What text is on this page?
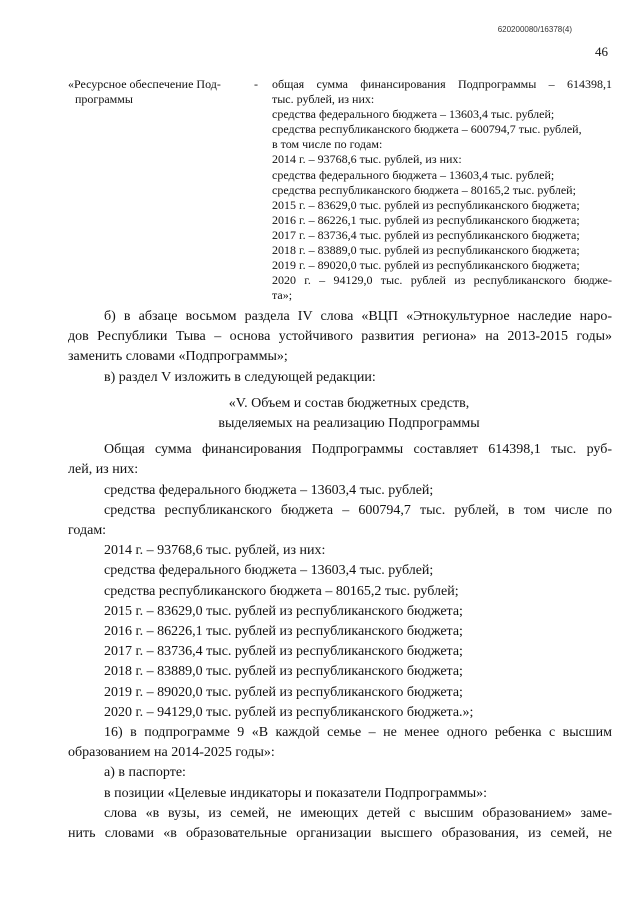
620200080/16378(4)
46
«Ресурсное обеспечение Под-
программы
- общая сумма финансирования Подпрограммы – 614398,1
тыс. рублей, из них:
средства федерального бюджета – 13603,4 тыс. рублей;
средства республиканского бюджета – 600794,7 тыс. рублей,
в том числе по годам:
2014 г. – 93768,6 тыс. рублей, из них:
средства федерального бюджета – 13603,4 тыс. рублей;
средства республиканского бюджета – 80165,2 тыс. рублей;
2015 г. – 83629,0 тыс. рублей из республиканского бюджета;
2016 г. – 86226,1 тыс. рублей из республиканского бюджета;
2017 г. – 83736,4 тыс. рублей из республиканского бюджета;
2018 г. – 83889,0 тыс. рублей из республиканского бюджета;
2019 г. – 89020,0 тыс. рублей из республиканского бюджета;
2020 г. – 94129,0 тыс. рублей из республиканского бюдже-
та»;

б) в абзаце восьмом раздела IV слова «ВЦП «Этнокультурное наследие наро-

дов Республики Тыва – основа устойчивого развития региона» на 2013-2015 годы»

заменить словами «Подпрограммы»;

в) раздел V изложить в следующей редакции:

«V. Объем и состав бюджетных средств,

выделяемых на реализацию Подпрограммы

Общая сумма финансирования Подпрограммы составляет 614398,1 тыс. руб-

лей, из них:

средства федерального бюджета – 13603,4 тыс. рублей;

средства республиканского бюджета – 600794,7 тыс. рублей, в том числе по

годам:

2014 г. – 93768,6 тыс. рублей, из них:

средства федерального бюджета – 13603,4 тыс. рублей;

средства республиканского бюджета – 80165,2 тыс. рублей;

2015 г. – 83629,0 тыс. рублей из республиканского бюджета;

2016 г. – 86226,1 тыс. рублей из республиканского бюджета;

2017 г. – 83736,4 тыс. рублей из республиканского бюджета;

2018 г. – 83889,0 тыс. рублей из республиканского бюджета;

2019 г. – 89020,0 тыс. рублей из республиканского бюджета;

2020 г. – 94129,0 тыс. рублей из республиканского бюджета.»;

16) в подпрограмме 9 «В каждой семье – не менее одного ребенка с высшим

образованием на 2014-2025 годы»:

а) в паспорте:

в позиции «Целевые индикаторы и показатели Подпрограммы»:

слова «в вузы, из семей, не имеющих детей с высшим образованием» заме-

нить словами «в образовательные организации высшего образования, из семей, не
